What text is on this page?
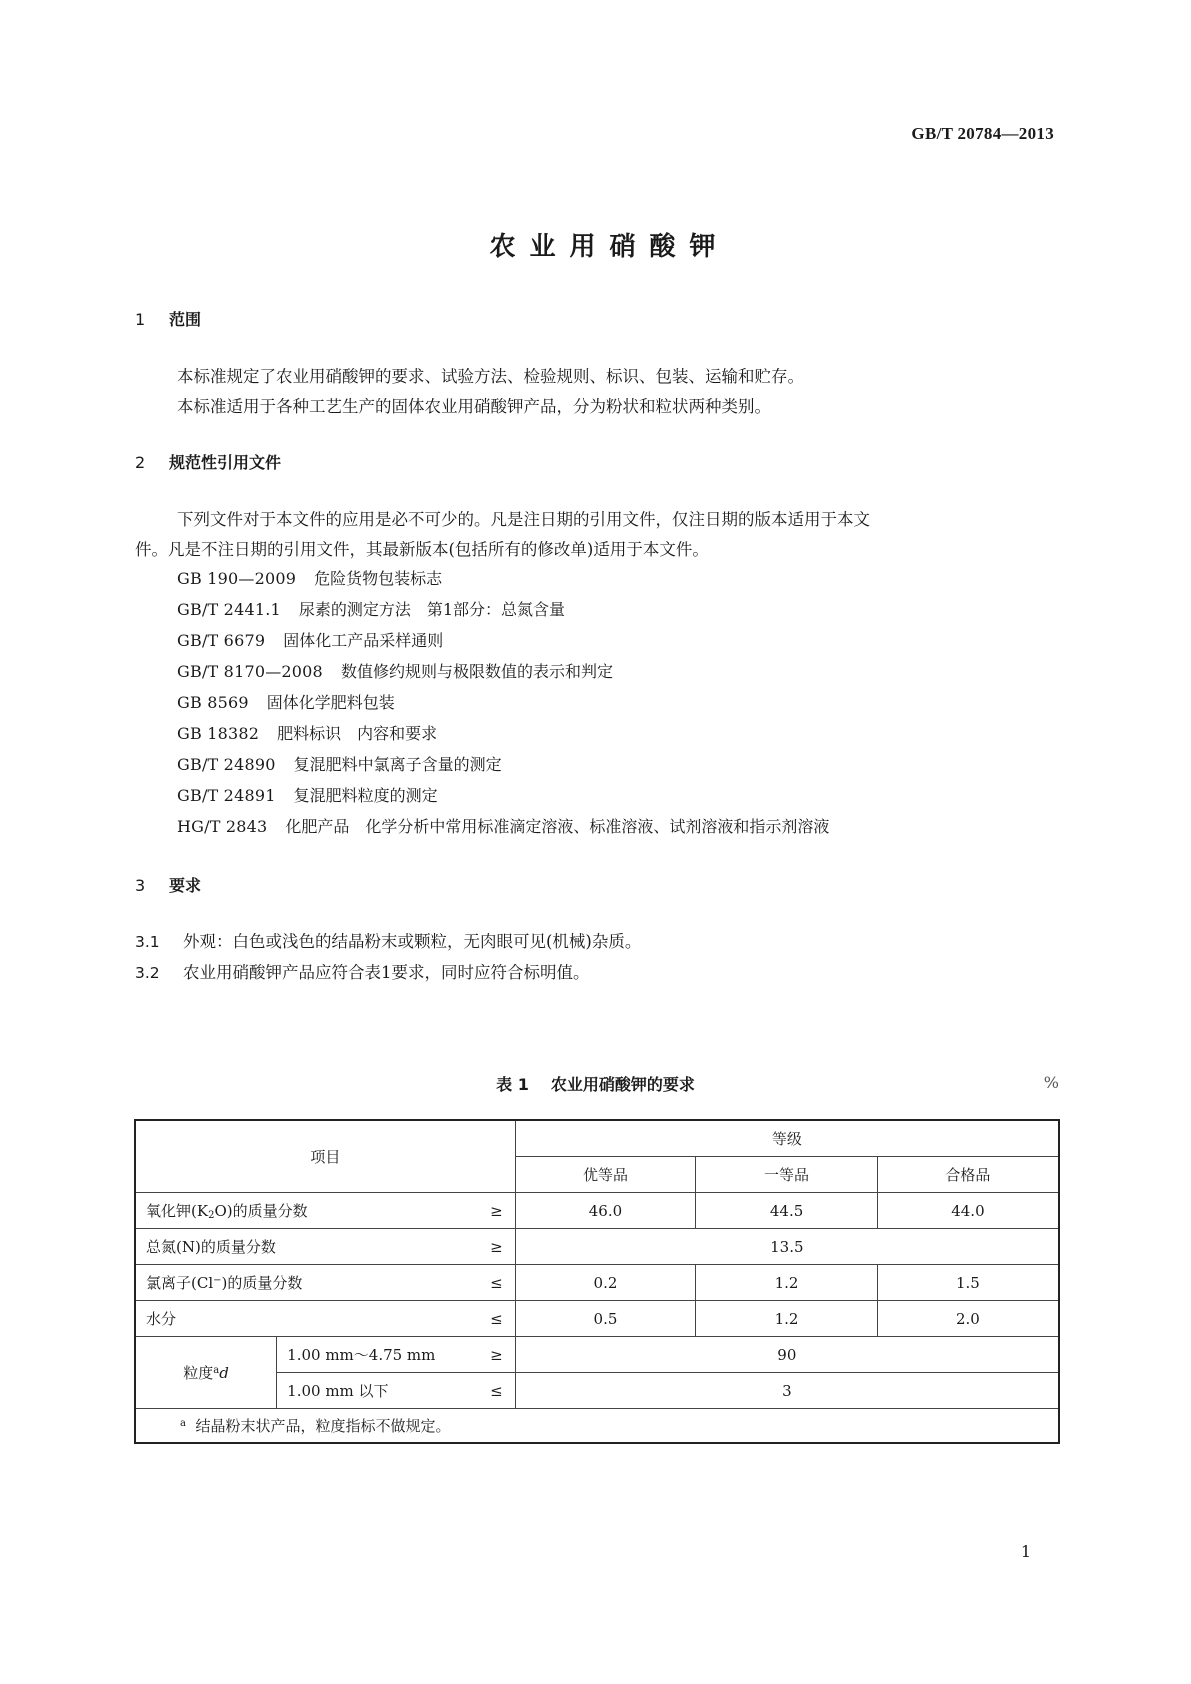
GB/T 20784—2013
农业用硝酸钾
1 范围
本标准规定了农业用硝酸钾的要求、试验方法、检验规则、标识、包装、运输和贮存。
本标准适用于各种工艺生产的固体农业用硝酸钾产品，分为粉状和粒状两种类别。
2 规范性引用文件
下列文件对于本文件的应用是必不可少的。凡是注日期的引用文件，仅注日期的版本适用于本文
件。凡是不注日期的引用文件，其最新版本(包括所有的修改单)适用于本文件。
GB 190—2009 危险货物包装标志
GB/T 2441.1 尿素的测定方法　第1部分：总氮含量
GB/T 6679 固体化工产品采样通则
GB/T 8170—2008 数值修约规则与极限数值的表示和判定
GB 8569 固体化学肥料包装
GB 18382 肥料标识　内容和要求
GB/T 24890 复混肥料中氯离子含量的测定
GB/T 24891 复混肥料粒度的测定
HG/T 2843 化肥产品　化学分析中常用标准滴定溶液、标准溶液、试剂溶液和指示剂溶液
3 要求
3.1 外观：白色或浅色的结晶粉末或颗粒，无肉眼可见(机械)杂质。
3.2 农业用硝酸钾产品应符合表1要求，同时应符合标明值。
表 1 农业用硝酸钾的要求	%
项目			等级		
			优等品	一等品	合格品
氧化钾$(K_2O)$的质量分数		≥	46.0	44.5	44.0
总氮(N)的质量分数		≥	13.5		
氯离子(Cl−)的质量分数		≤	0.2	1.2	1.5
水分		≤	0.5	1.2	2.0
粒度$^a$d	1.00 mm～4.75 mm	≥	90		
	1.00 mm 以下	≤	3		
$^a$ 结晶粉末状产品，粒度指标不做规定。					
1
